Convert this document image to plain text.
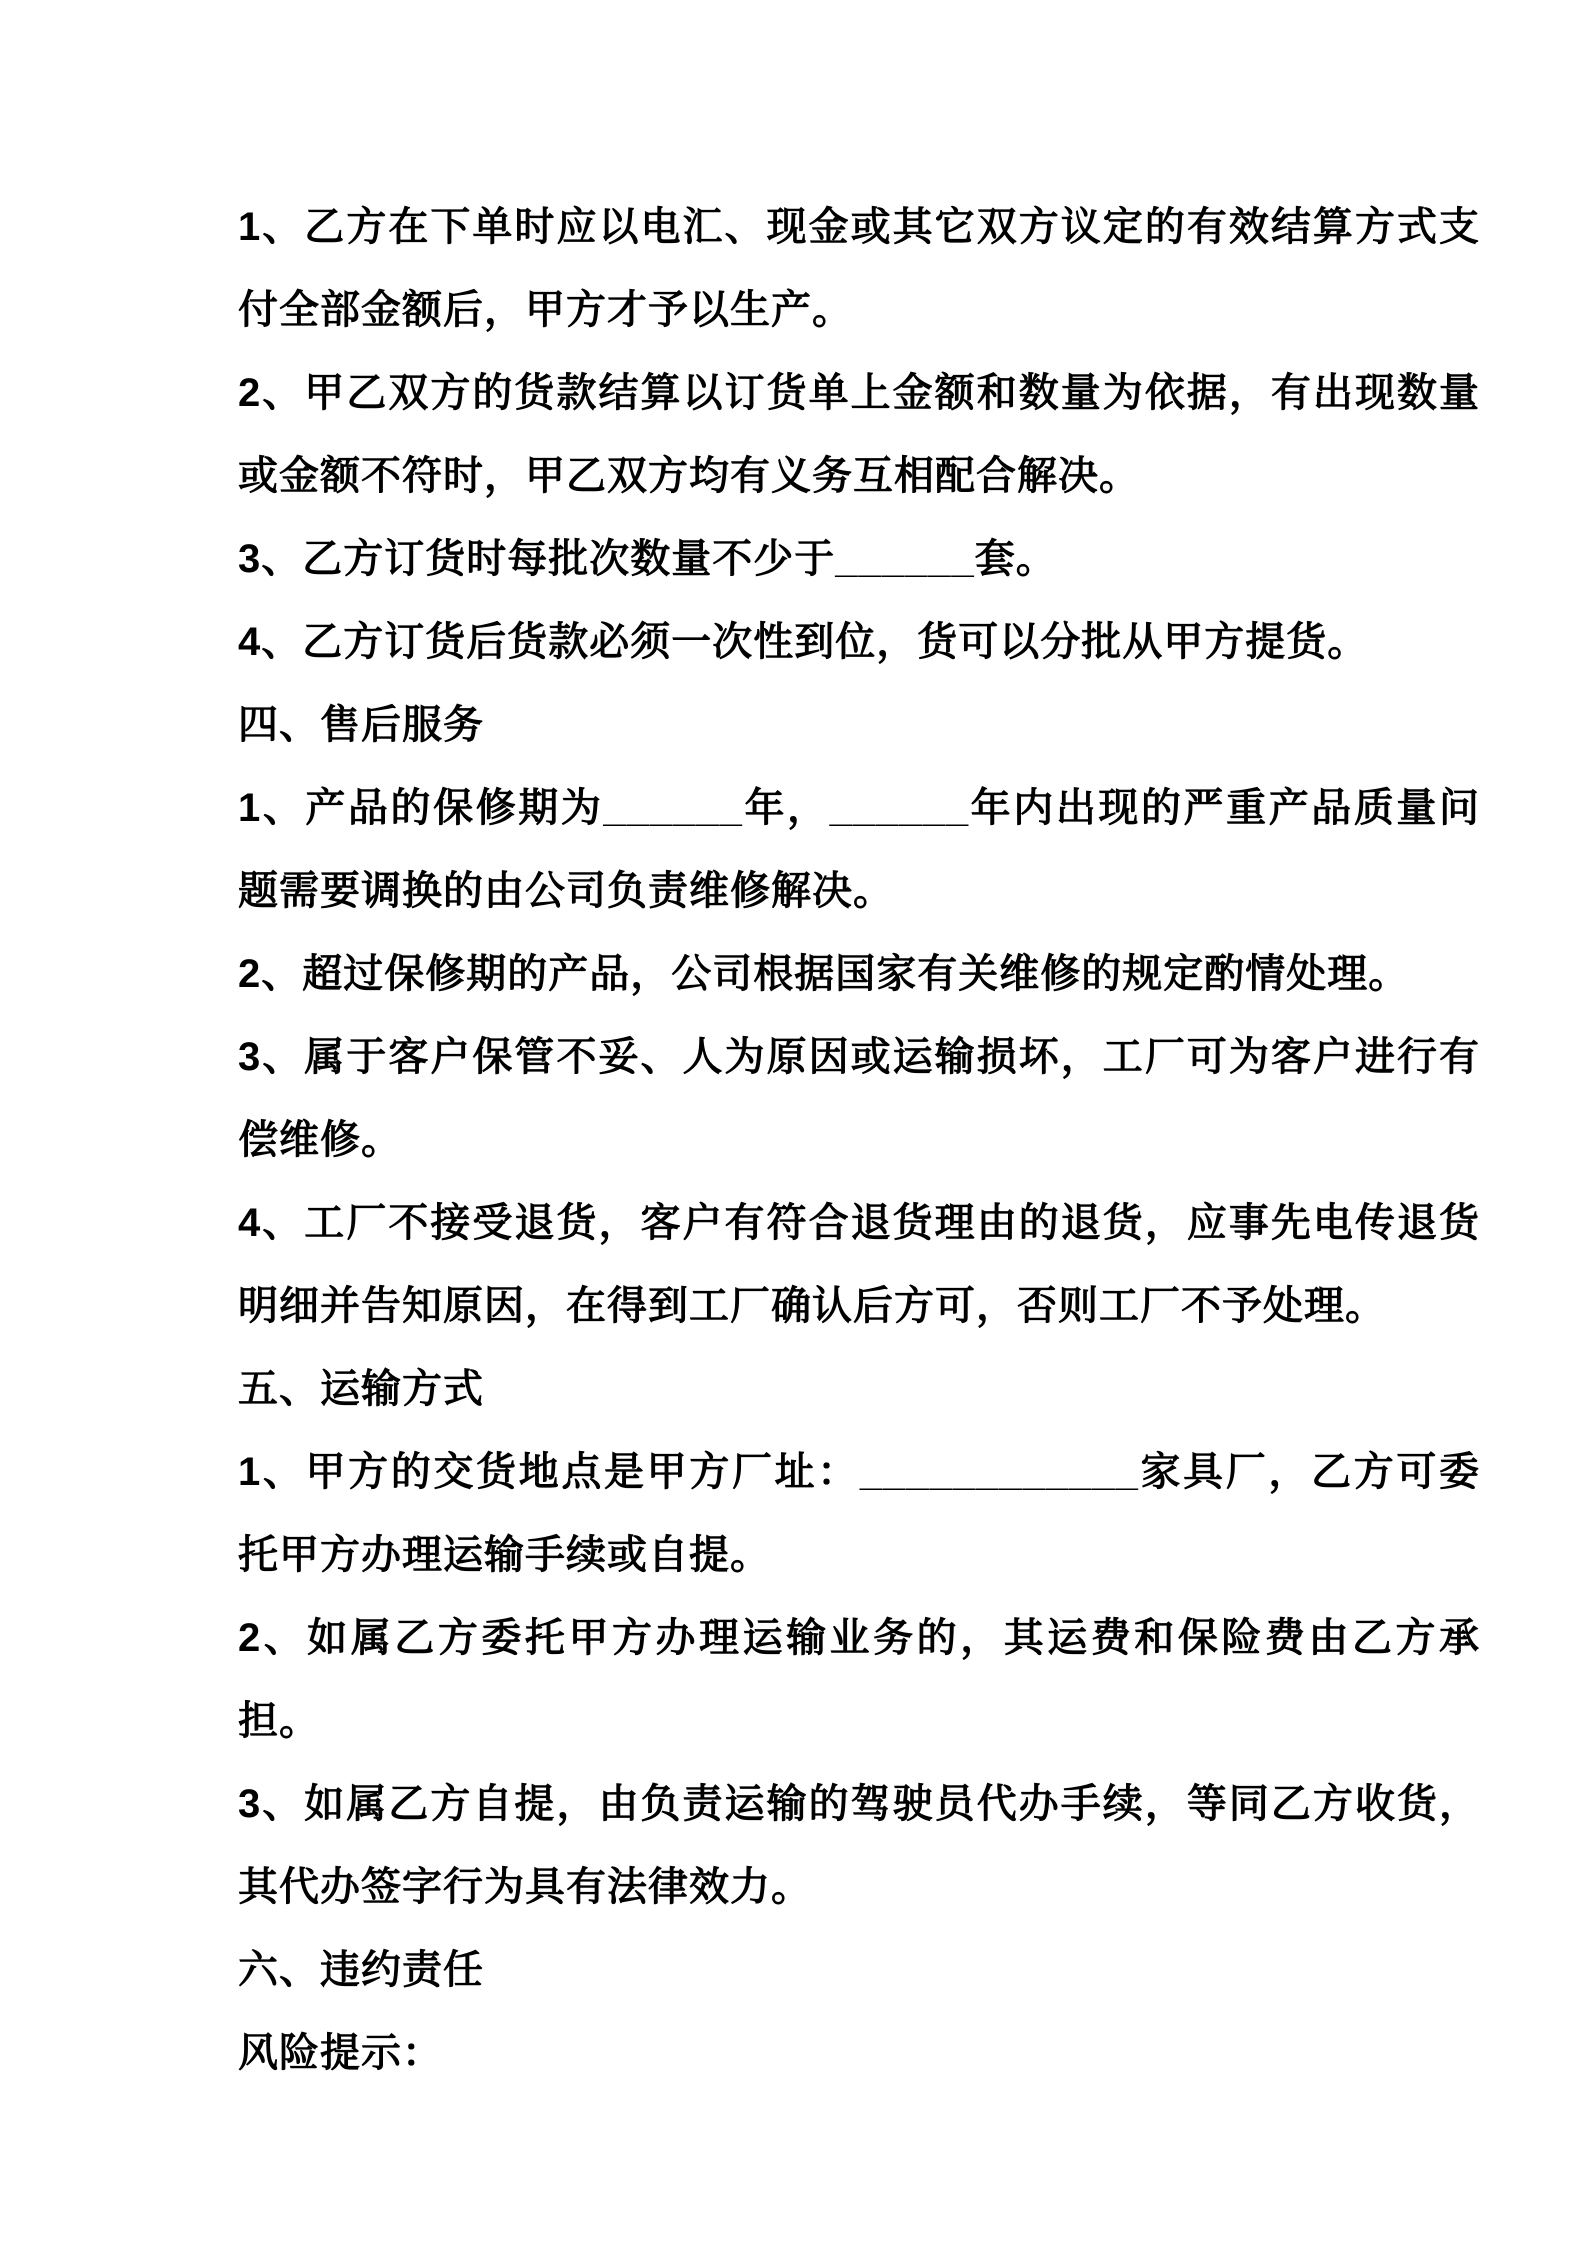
1、乙方在下单时应以电汇、现金或其它双方议定的有效结算方式支付全部金额后，甲方才予以生产。

2、甲乙双方的货款结算以订货单上金额和数量为依据，有出现数量或金额不符时，甲乙双方均有义务互相配合解决。

3、乙方订货时每批次数量不少于______套。

4、乙方订货后货款必须一次性到位，货可以分批从甲方提货。

四、售后服务

1、产品的保修期为______年，______年内出现的严重产品质量问题需要调换的由公司负责维修解决。

2、超过保修期的产品，公司根据国家有关维修的规定酌情处理。

3、属于客户保管不妥、人为原因或运输损坏，工厂可为客户进行有偿维修。

4、工厂不接受退货，客户有符合退货理由的退货，应事先电传退货明细并告知原因，在得到工厂确认后方可，否则工厂不予处理。

五、运输方式

1、甲方的交货地点是甲方厂址：____________家具厂，乙方可委托甲方办理运输手续或自提。

2、如属乙方委托甲方办理运输业务的，其运费和保险费由乙方承担。

3、如属乙方自提，由负责运输的驾驶员代办手续，等同乙方收货，其代办签字行为具有法律效力。

六、违约责任

风险提示：
